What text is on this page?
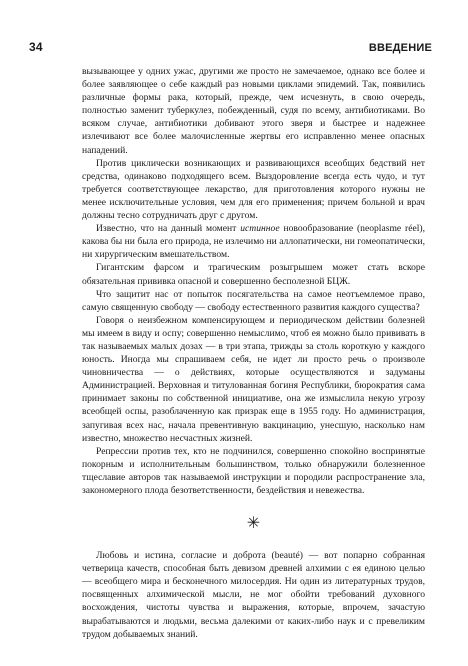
34	ВВЕДЕНИЕ

вызывающее у одних ужас, другими же просто не замечаемое, однако все более и более заявляющее о себе каждый раз новыми циклами эпидемий. Так, появились различные формы рака, который, прежде, чем исчезнуть, в свою очередь, полностью заменит туберкулез, побежденный, судя по всему, антибиотиками. Во всяком случае, антибиотики добивают этого зверя и быстрее и надежнее излечивают все более малочисленные жертвы его исправленно менее опасных нападений.

Против циклически возникающих и развивающихся всеобщих бедствий нет средства, одинаково подходящего всем. Выздоровление всегда есть чудо, и тут требуется соответствующее лекарство, для приготовления которого нужны не менее исключительные условия, чем для его применения; причем больной и врач должны тесно сотрудничать друг с другом.

Известно, что на данный момент истинное новообразование (neoplasme réel), какова бы ни была его природа, не излечимо ни аллопатически, ни гомеопатически, ни хирургическим вмешательством.

Гигантским фарсом и трагическим розыгрышем может стать вскоре обязательная прививка опасной и совершенно бесполезной БЦЖ.

Что защитит нас от попыток посягательства на самое неотъемлемое право, самую священную свободу — свободу естественного развития каждого существа?

Говоря о неизбежном компенсирующем и периодическом действии болезней мы имеем в виду и оспу; совершенно немыслимо, чтоб ея можно было прививать в так называемых малых дозах — в три этапа, трижды за столь короткую у каждого юность. Иногда мы спрашиваем себя, не идет ли просто речь о произволе чиновничества — о действиях, которые осуществляются и задуманы Администрацией. Верховная и титулованная богиня Республики, бюрократия сама принимает законы по собственной инициативе, она же измыслила некую угрозу всеобщей оспы, разоблаченную как призрак еще в 1955 году. Но администрация, запугивая всех нас, начала превентивную вакцинацию, унесшую, насколько нам известно, множество несчастных жизней.

Репрессии против тех, кто не подчинился, совершенно спокойно воспринятые покорным и исполнительным большинством, только обнаружили болезненное тщеславие авторов так называемой инструкции и породили распространение зла, закономерного плода безответственности, бездействия и невежества.

✳

Любовь и истина, согласие и доброта (beauté) — вот попарно собранная четверица качеств, способная быть девизом древней алхимии с ея единою целью — всеобщего мира и бесконечного милосердия. Ни один из литературных трудов, посвященных алхимической мысли, не мог обойти требований духовного восхождения, чистоты чувства и выражения, которые, впрочем, зачастую вырабатываются и людьми, весьма далекими от каких-либо наук и с превеликим трудом добываемых знаний.
